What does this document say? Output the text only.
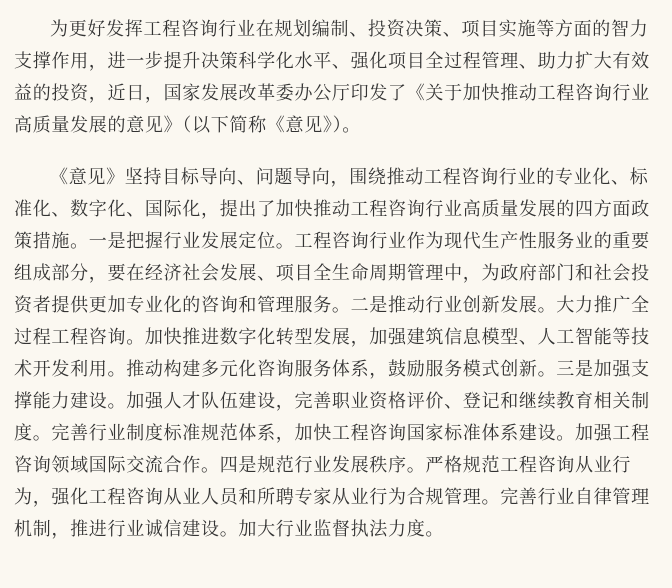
为更好发挥工程咨询行业在规划编制、投资决策、项目实施等方面的智力
支撑作用，进一步提升决策科学化水平、强化项目全过程管理、助力扩大有效
益的投资，近日，国家发展改革委办公厅印发了《关于加快推动工程咨询行业
高质量发展的意见》（以下简称《意见》）。

《意见》坚持目标导向、问题导向，围绕推动工程咨询行业的专业化、标
准化、数字化、国际化，提出了加快推动工程咨询行业高质量发展的四方面政
策措施。一是把握行业发展定位。工程咨询行业作为现代生产性服务业的重要
组成部分，要在经济社会发展、项目全生命周期管理中，为政府部门和社会投
资者提供更加专业化的咨询和管理服务。二是推动行业创新发展。大力推广全
过程工程咨询。加快推进数字化转型发展，加强建筑信息模型、人工智能等技
术开发利用。推动构建多元化咨询服务体系，鼓励服务模式创新。三是加强支
撑能力建设。加强人才队伍建设，完善职业资格评价、登记和继续教育相关制
度。完善行业制度标准规范体系，加快工程咨询国家标准体系建设。加强工程
咨询领域国际交流合作。四是规范行业发展秩序。严格规范工程咨询从业行
为，强化工程咨询从业人员和所聘专家从业行为合规管理。完善行业自律管理
机制，推进行业诚信建设。加大行业监督执法力度。
